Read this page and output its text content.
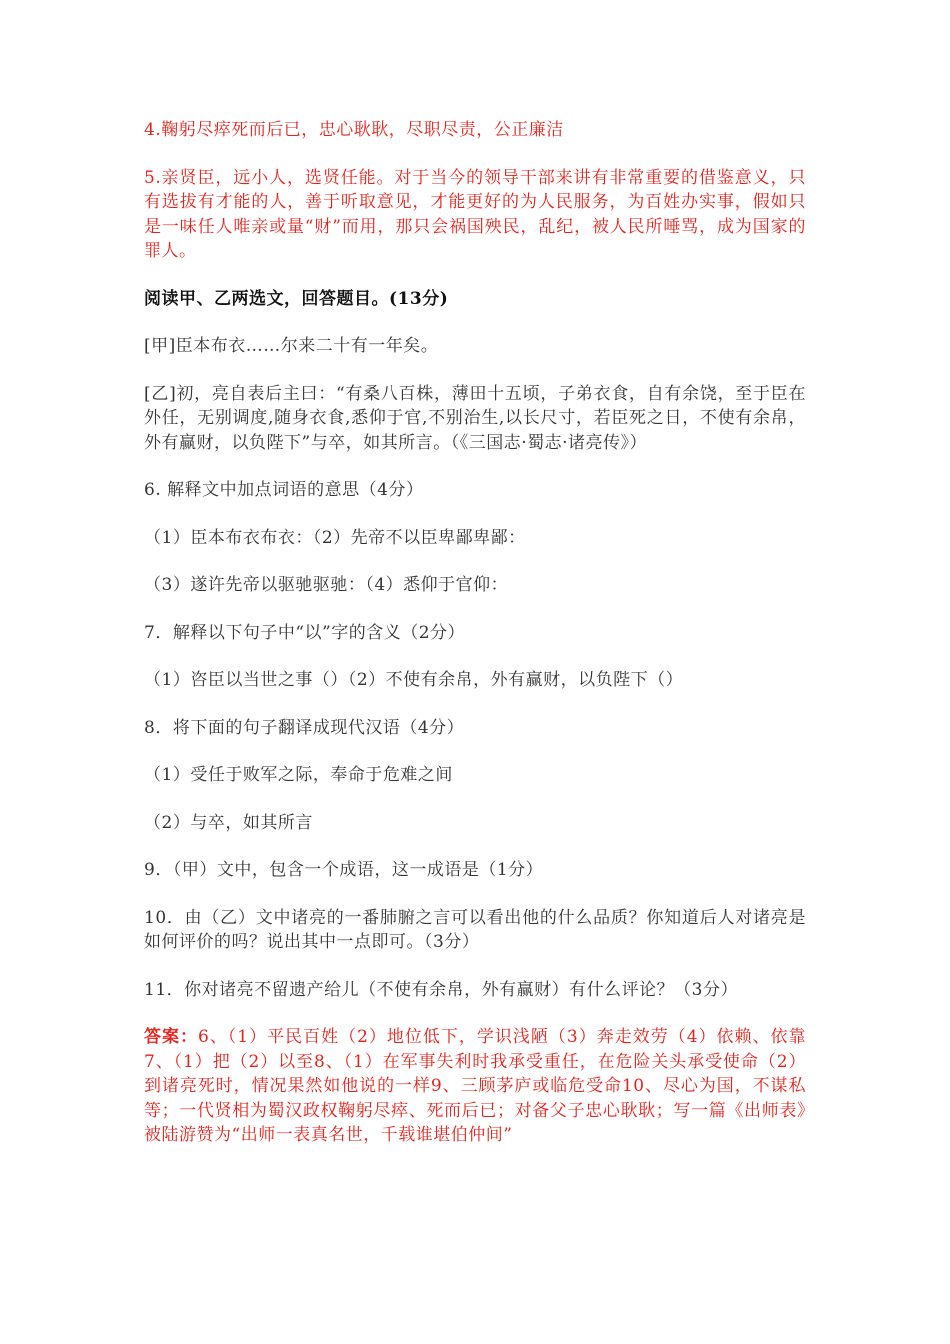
4.鞠躬尽瘁死而后已，忠心耿耿，尽职尽责，公正廉洁

5.亲贤臣，远小人，选贤任能。对于当今的领导干部来讲有非常重要的借鉴意义，只有选拔有才能的人，善于听取意见，才能更好的为人民服务，为百姓办实事，假如只是一味任人唯亲或量“财”而用，那只会祸国殃民，乱纪，被人民所唾骂，成为国家的罪人。

阅读甲、乙两选文，回答题目。(13分)

[甲]臣本布衣……尔来二十有一年矣。

[乙]初，亮自表后主曰：“有桑八百株，薄田十五顷，子弟衣食，自有余饶，至于臣在外任，无别调度,随身衣食,悉仰于官,不别治生,以长尺寸，若臣死之日，不使有余帛，外有赢财，以负陛下”与卒，如其所言。（《三国志·蜀志·诸亮传》）

6. 解释文中加点词语的意思（4分）

（1）臣本布衣布衣：（2）先帝不以臣卑鄙卑鄙：

（3）遂许先帝以驱驰驱驰：（4）悉仰于官仰：

7．解释以下句子中“以”字的含义（2分）

（1）咨臣以当世之事（）（2）不使有余帛，外有赢财，以负陛下（）

8．将下面的句子翻译成现代汉语（4分）

（1）受任于败军之际，奉命于危难之间

（2）与卒，如其所言

9．（甲）文中，包含一个成语，这一成语是（1分）

10．由（乙）文中诸亮的一番肺腑之言可以看出他的什么品质？你知道后人对诸亮是如何评价的吗？说出其中一点即可。（3分）

11．你对诸亮不留遗产给儿（不使有余帛，外有赢财）有什么评论？（3分）

答案：6、（1）平民百姓（2）地位低下，学识浅陋（3）奔走效劳（4）依赖、依靠7、（1）把（2）以至8、（1）在军事失利时我承受重任，在危险关头承受使命（2）到诸亮死时，情况果然如他说的一样9、三顾茅庐或临危受命10、尽心为国，不谋私等；一代贤相为蜀汉政权鞠躬尽瘁、死而后已；对备父子忠心耿耿；写一篇《出师表》被陆游赞为“出师一表真名世，千载谁堪伯仲间”
